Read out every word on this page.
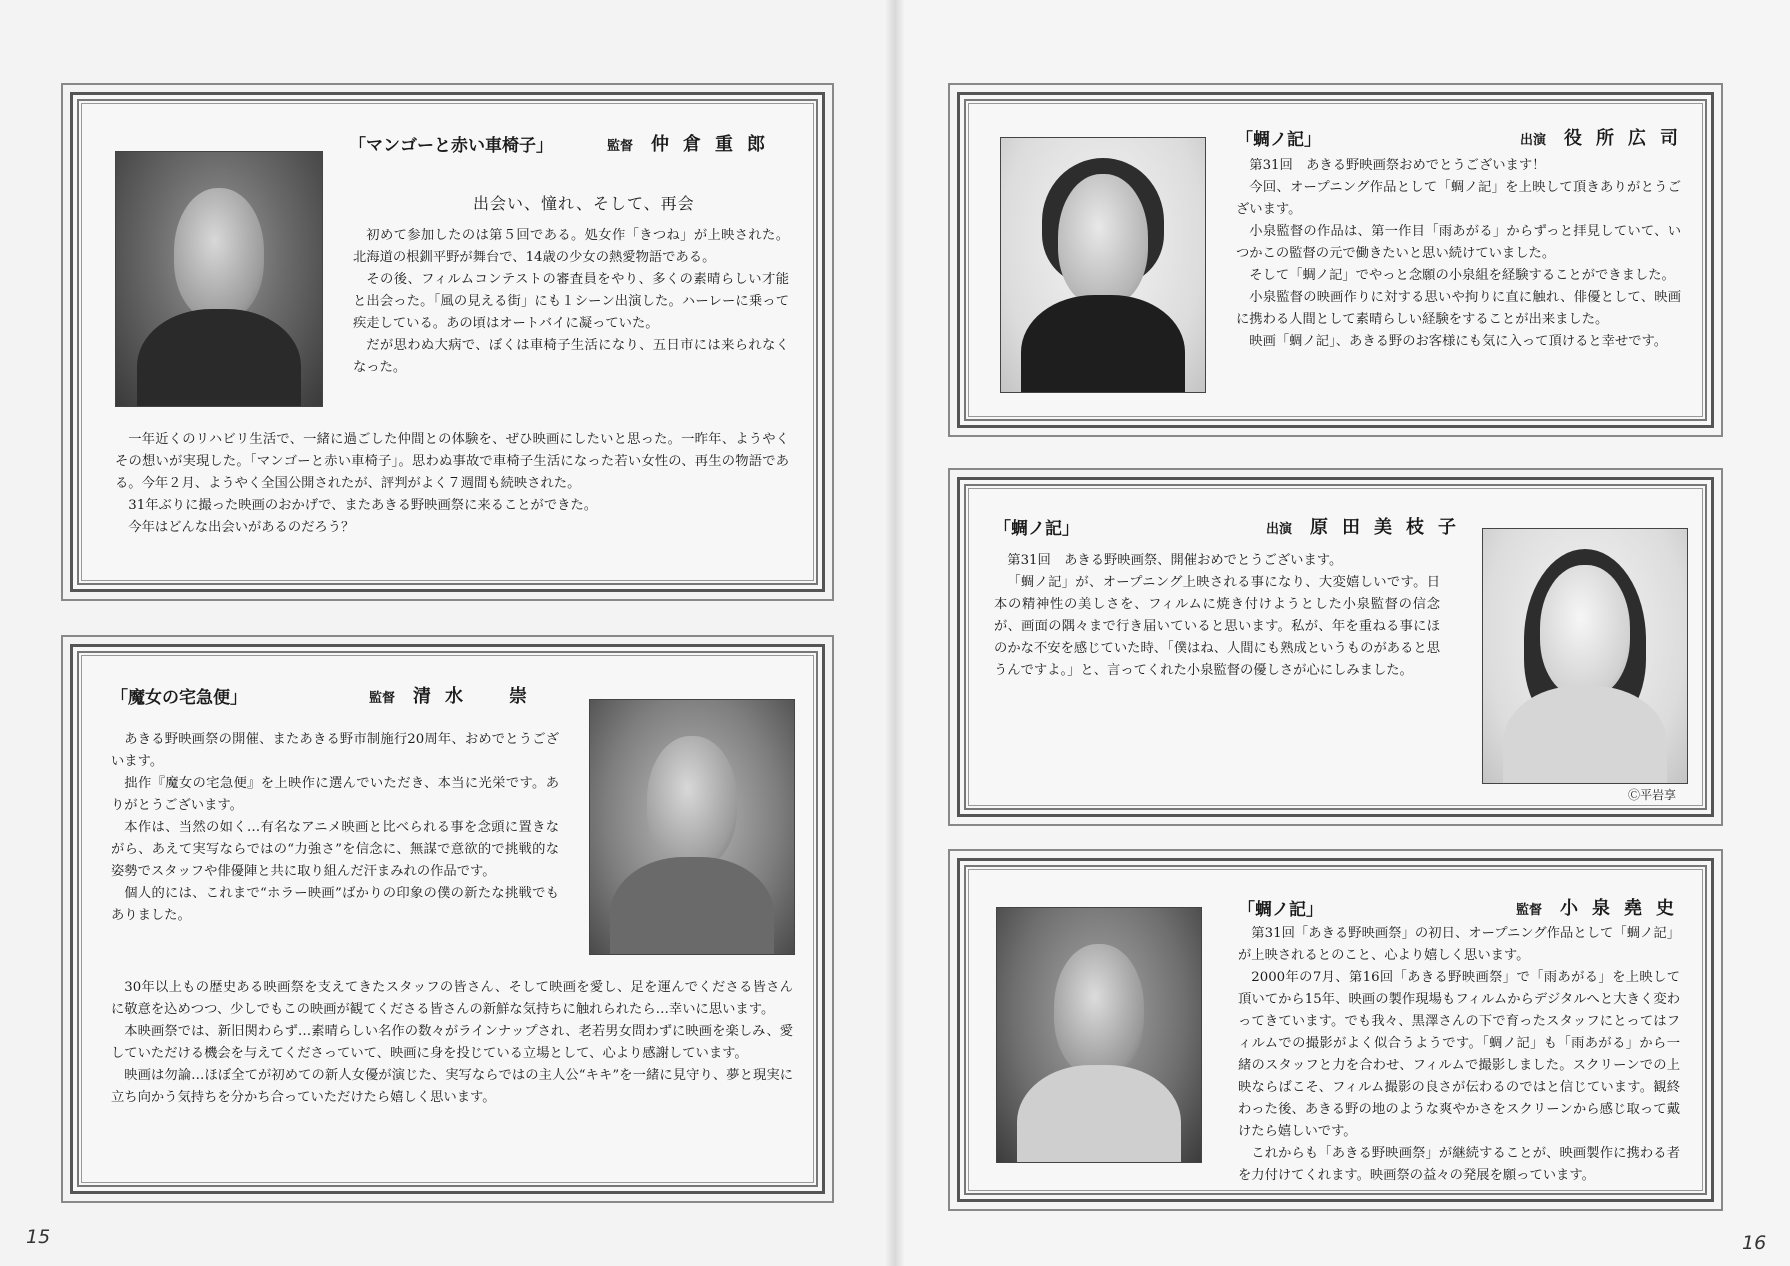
「マンゴーと赤い車椅子」	監督 仲倉重郎
出会い、憧れ、そして、再会

初めて参加したのは第５回である。処女作「きつね」が上映された。北海道の根釧平野が舞台で、14歳の少女の熱愛物語である。

その後、フィルムコンテストの審査員をやり、多くの素晴らしい才能と出会った。「風の見える街」にも１シーン出演した。ハーレーに乗って疾走している。あの頃はオートバイに凝っていた。

だが思わぬ大病で、ぼくは車椅子生活になり、五日市には来られなくなった。

一年近くのリハビリ生活で、一緒に過ごした仲間との体験を、ぜひ映画にしたいと思った。一昨年、ようやくその想いが実現した。「マンゴーと赤い車椅子」。思わぬ事故で車椅子生活になった若い女性の、再生の物語である。今年２月、ようやく全国公開されたが、評判がよく７週間も続映された。

31年ぶりに撮った映画のおかげで、またあきる野映画祭に来ることができた。

今年はどんな出会いがあるのだろう？

「魔女の宅急便」	監督 清水　崇

あきる野映画祭の開催、またあきる野市制施行20周年、おめでとうございます。

拙作『魔女の宅急便』を上映作に選んでいただき、本当に光栄です。ありがとうございます。

本作は、当然の如く…有名なアニメ映画と比べられる事を念頭に置きながら、あえて実写ならではの“力強さ”を信念に、無謀で意欲的で挑戦的な姿勢でスタッフや俳優陣と共に取り組んだ汗まみれの作品です。

個人的には、これまで“ホラー映画”ばかりの印象の僕の新たな挑戦でもありました。

30年以上もの歴史ある映画祭を支えてきたスタッフの皆さん、そして映画を愛し、足を運んでくださる皆さんに敬意を込めつつ、少しでもこの映画が観てくださる皆さんの新鮮な気持ちに触れられたら…幸いに思います。

本映画祭では、新旧関わらず…素晴らしい名作の数々がラインナップされ、老若男女問わずに映画を楽しみ、愛していただける機会を与えてくださっていて、映画に身を投じている立場として、心より感謝しています。

映画は勿論…ほぼ全てが初めての新人女優が演じた、実写ならではの主人公“キキ”を一緒に見守り、夢と現実に立ち向かう気持ちを分かち合っていただけたら嬉しく思います。

「蜩ノ記」	出演 役所広司

第31回　あきる野映画祭おめでとうございます！

今回、オープニング作品として「蜩ノ記」を上映して頂きありがとうございます。

小泉監督の作品は、第一作目「雨あがる」からずっと拝見していて、いつかこの監督の元で働きたいと思い続けていました。

そして「蜩ノ記」でやっと念願の小泉組を経験することができました。

小泉監督の映画作りに対する思いや拘りに直に触れ、俳優として、映画に携わる人間として素晴らしい経験をすることが出来ました。

映画「蜩ノ記」、あきる野のお客様にも気に入って頂けると幸せです。

「蜩ノ記」	出演 原田美枝子
Ⓒ平岩享

第31回　あきる野映画祭、開催おめでとうございます。

「蜩ノ記」が、オープニング上映される事になり、大変嬉しいです。日本の精神性の美しさを、フィルムに焼き付けようとした小泉監督の信念が、画面の隅々まで行き届いていると思います。私が、年を重ねる事にほのかな不安を感じていた時、「僕はね、人間にも熟成というものがあると思うんですよ。」と、言ってくれた小泉監督の優しさが心にしみました。

「蜩ノ記」	監督 小泉堯史

第31回「あきる野映画祭」の初日、オープニング作品として「蜩ノ記」が上映されるとのこと、心より嬉しく思います。

2000年の7月、第16回「あきる野映画祭」で「雨あがる」を上映して頂いてから15年、映画の製作現場もフィルムからデジタルへと大きく変わってきています。でも我々、黒澤さんの下で育ったスタッフにとってはフィルムでの撮影がよく似合うようです。「蜩ノ記」も「雨あがる」から一緒のスタッフと力を合わせ、フィルムで撮影しました。スクリーンでの上映ならばこそ、フィルム撮影の良さが伝わるのではと信じています。観終わった後、あきる野の地のような爽やかさをスクリーンから感じ取って戴けたら嬉しいです。

これからも「あきる野映画祭」が継続することが、映画製作に携わる者を力付けてくれます。映画祭の益々の発展を願っています。

15	16
